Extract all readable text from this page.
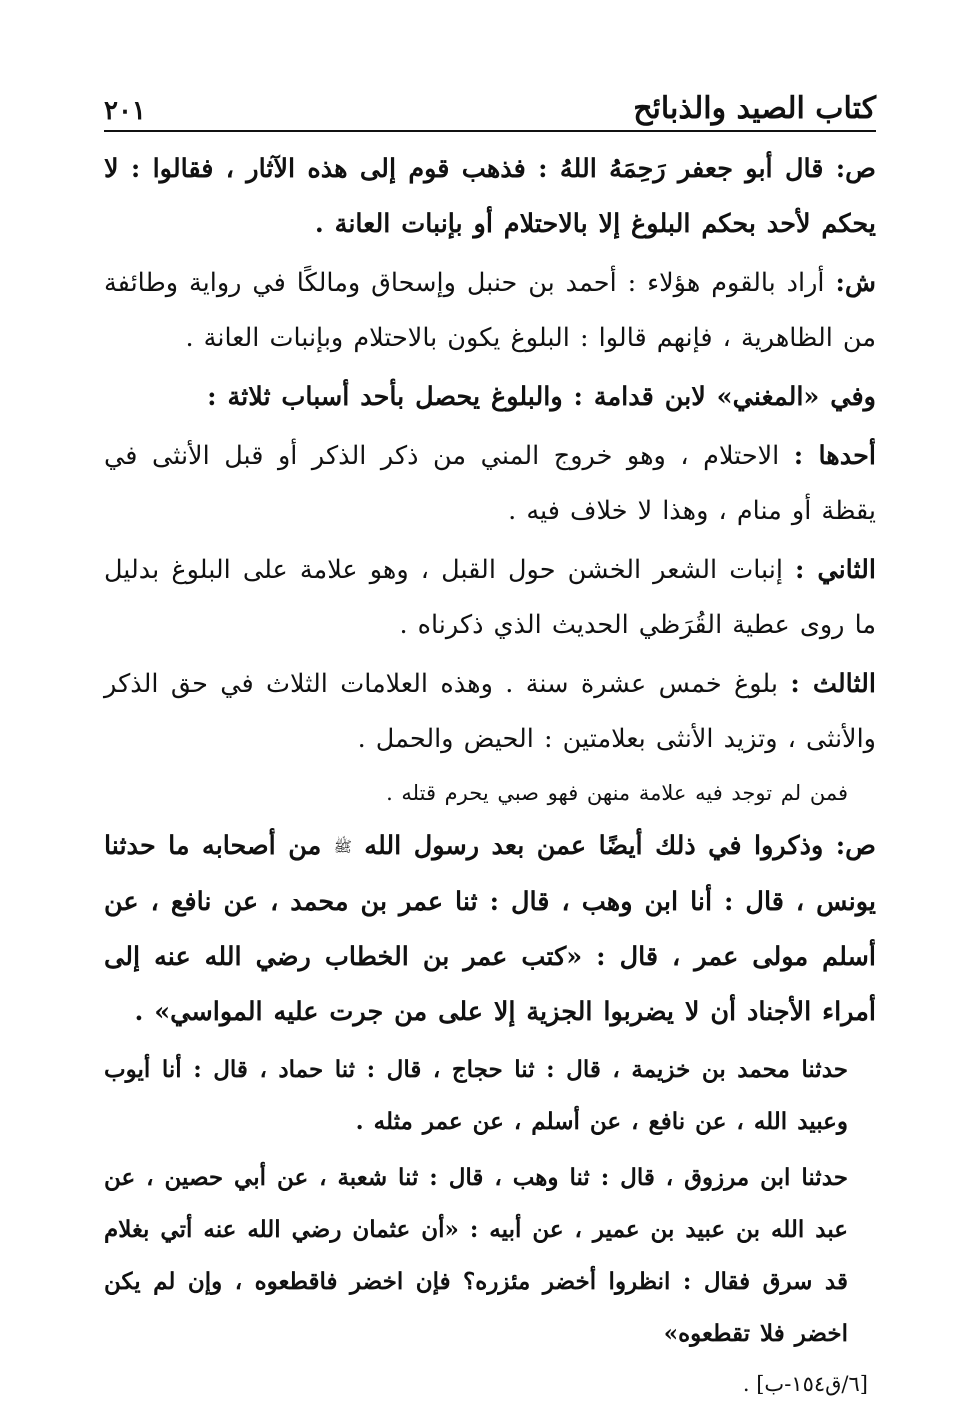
كتاب الصيد والذبائح
٢٠١

ص: قال أبو جعفر رَحِمَهُ اللهُ : فذهب قوم إلى هذه الآثار ، فقالوا : لا يحكم لأحد بحكم البلوغ إلا بالاحتلام أو بإنبات العانة .

ش: أراد بالقوم هؤلاء : أحمد بن حنبل وإسحاق ومالكًا في رواية وطائفة من الظاهرية ، فإنهم قالوا : البلوغ يكون بالاحتلام وبإنبات العانة .

وفي «المغني» لابن قدامة : والبلوغ يحصل بأحد أسباب ثلاثة :

أحدها : الاحتلام ، وهو خروج المني من ذكر الذكر أو قبل الأنثى في يقظة أو منام ، وهذا لا خلاف فيه .

الثاني : إنبات الشعر الخشن حول القبل ، وهو علامة على البلوغ بدليل ما روى عطية القُرَظي الحديث الذي ذكرناه .

الثالث : بلوغ خمس عشرة سنة . وهذه العلامات الثلاث في حق الذكر والأنثى ، وتزيد الأنثى بعلامتين : الحيض والحمل .

فمن لم توجد فيه علامة منهن فهو صبي يحرم قتله .

ص: وذكروا في ذلك أيضًا عمن بعد رسول الله ﷺ من أصحابه ما حدثنا يونس ، قال : أنا ابن وهب ، قال : ثنا عمر بن محمد ، عن نافع ، عن أسلم مولى عمر ، قال : «كتب عمر بن الخطاب رضي الله عنه إلى أمراء الأجناد أن لا يضربوا الجزية إلا على من جرت عليه المواسي» .

حدثنا محمد بن خزيمة ، قال : ثنا حجاج ، قال : ثنا حماد ، قال : أنا أيوب وعبيد الله ، عن نافع ، عن أسلم ، عن عمر مثله .

حدثنا ابن مرزوق ، قال : ثنا وهب ، قال : ثنا شعبة ، عن أبي حصين ، عن عبد الله بن عبيد بن عمير ، عن أبيه : «أن عثمان رضي الله عنه أتي بغلام قد سرق فقال : انظروا أخضر مئزره؟ فإن اخضر فاقطعوه ، وإن لم يكن اخضر فلا تقطعوه»

[٦/ق١٥٤-ب] .
